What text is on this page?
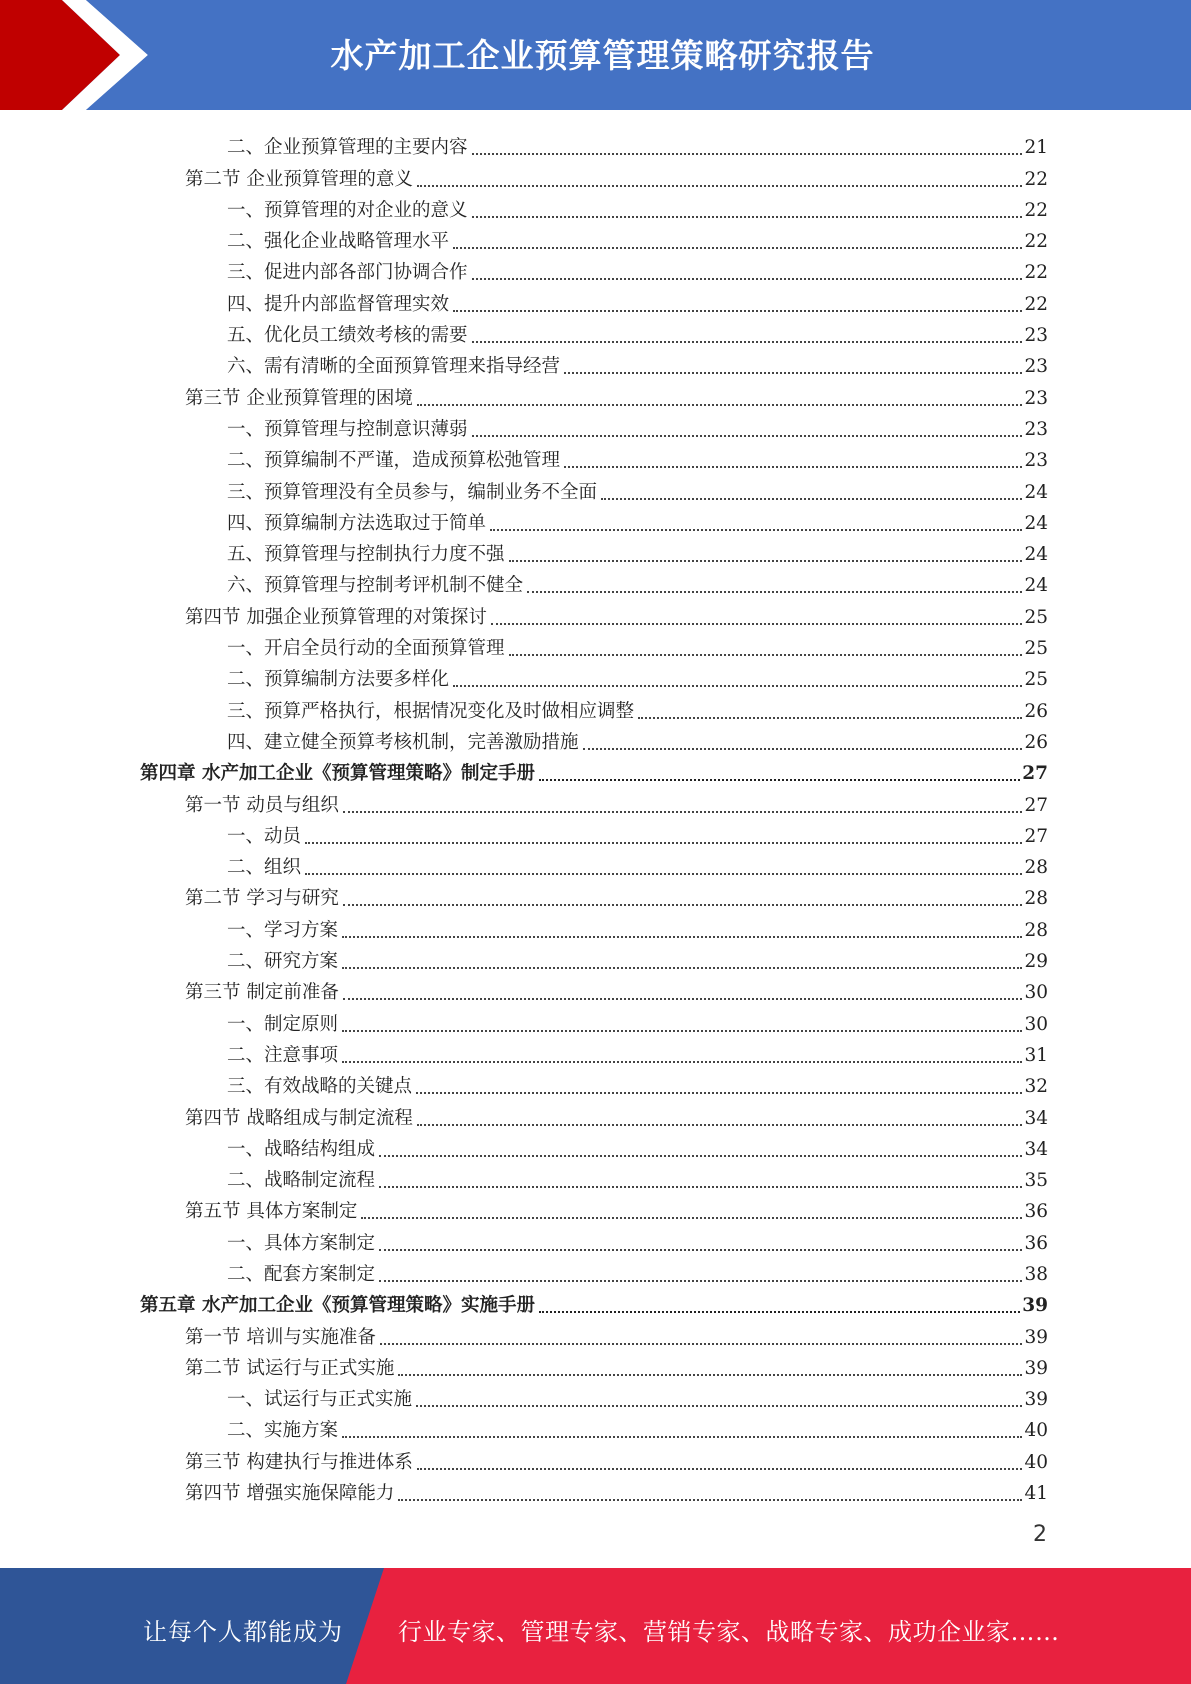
水产加工企业预算管理策略研究报告
二、企业预算管理的主要内容	21
第二节 企业预算管理的意义	22
一、预算管理的对企业的意义	22
二、强化企业战略管理水平	22
三、促进内部各部门协调合作	22
四、提升内部监督管理实效	22
五、优化员工绩效考核的需要	23
六、需有清晰的全面预算管理来指导经营	23
第三节 企业预算管理的困境	23
一、预算管理与控制意识薄弱	23
二、预算编制不严谨，造成预算松弛管理	23
三、预算管理没有全员参与，编制业务不全面	24
四、预算编制方法选取过于简单	24
五、预算管理与控制执行力度不强	24
六、预算管理与控制考评机制不健全	24
第四节 加强企业预算管理的对策探讨	25
一、开启全员行动的全面预算管理	25
二、预算编制方法要多样化	25
三、预算严格执行，根据情况变化及时做相应调整	26
四、建立健全预算考核机制，完善激励措施	26
第四章 水产加工企业《预算管理策略》制定手册	27
第一节 动员与组织	27
一、动员	27
二、组织	28
第二节 学习与研究	28
一、学习方案	28
二、研究方案	29
第三节 制定前准备	30
一、制定原则	30
二、注意事项	31
三、有效战略的关键点	32
第四节 战略组成与制定流程	34
一、战略结构组成	34
二、战略制定流程	35
第五节 具体方案制定	36
一、具体方案制定	36
二、配套方案制定	38
第五章 水产加工企业《预算管理策略》实施手册	39
第一节 培训与实施准备	39
第二节 试运行与正式实施	39
一、试运行与正式实施	39
二、实施方案	40
第三节 构建执行与推进体系	40
第四节 增强实施保障能力	41
2
让每个人都能成为 行业专家、管理专家、营销专家、战略专家、成功企业家……
